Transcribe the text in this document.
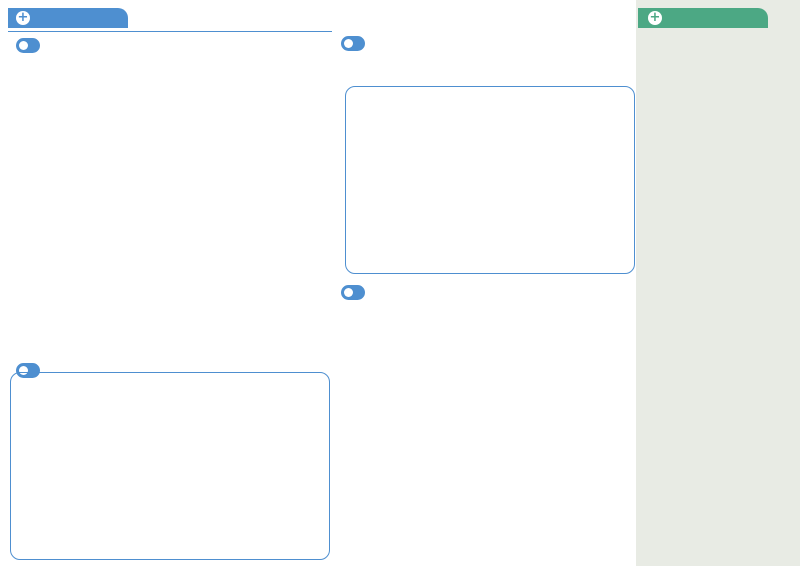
+	+
